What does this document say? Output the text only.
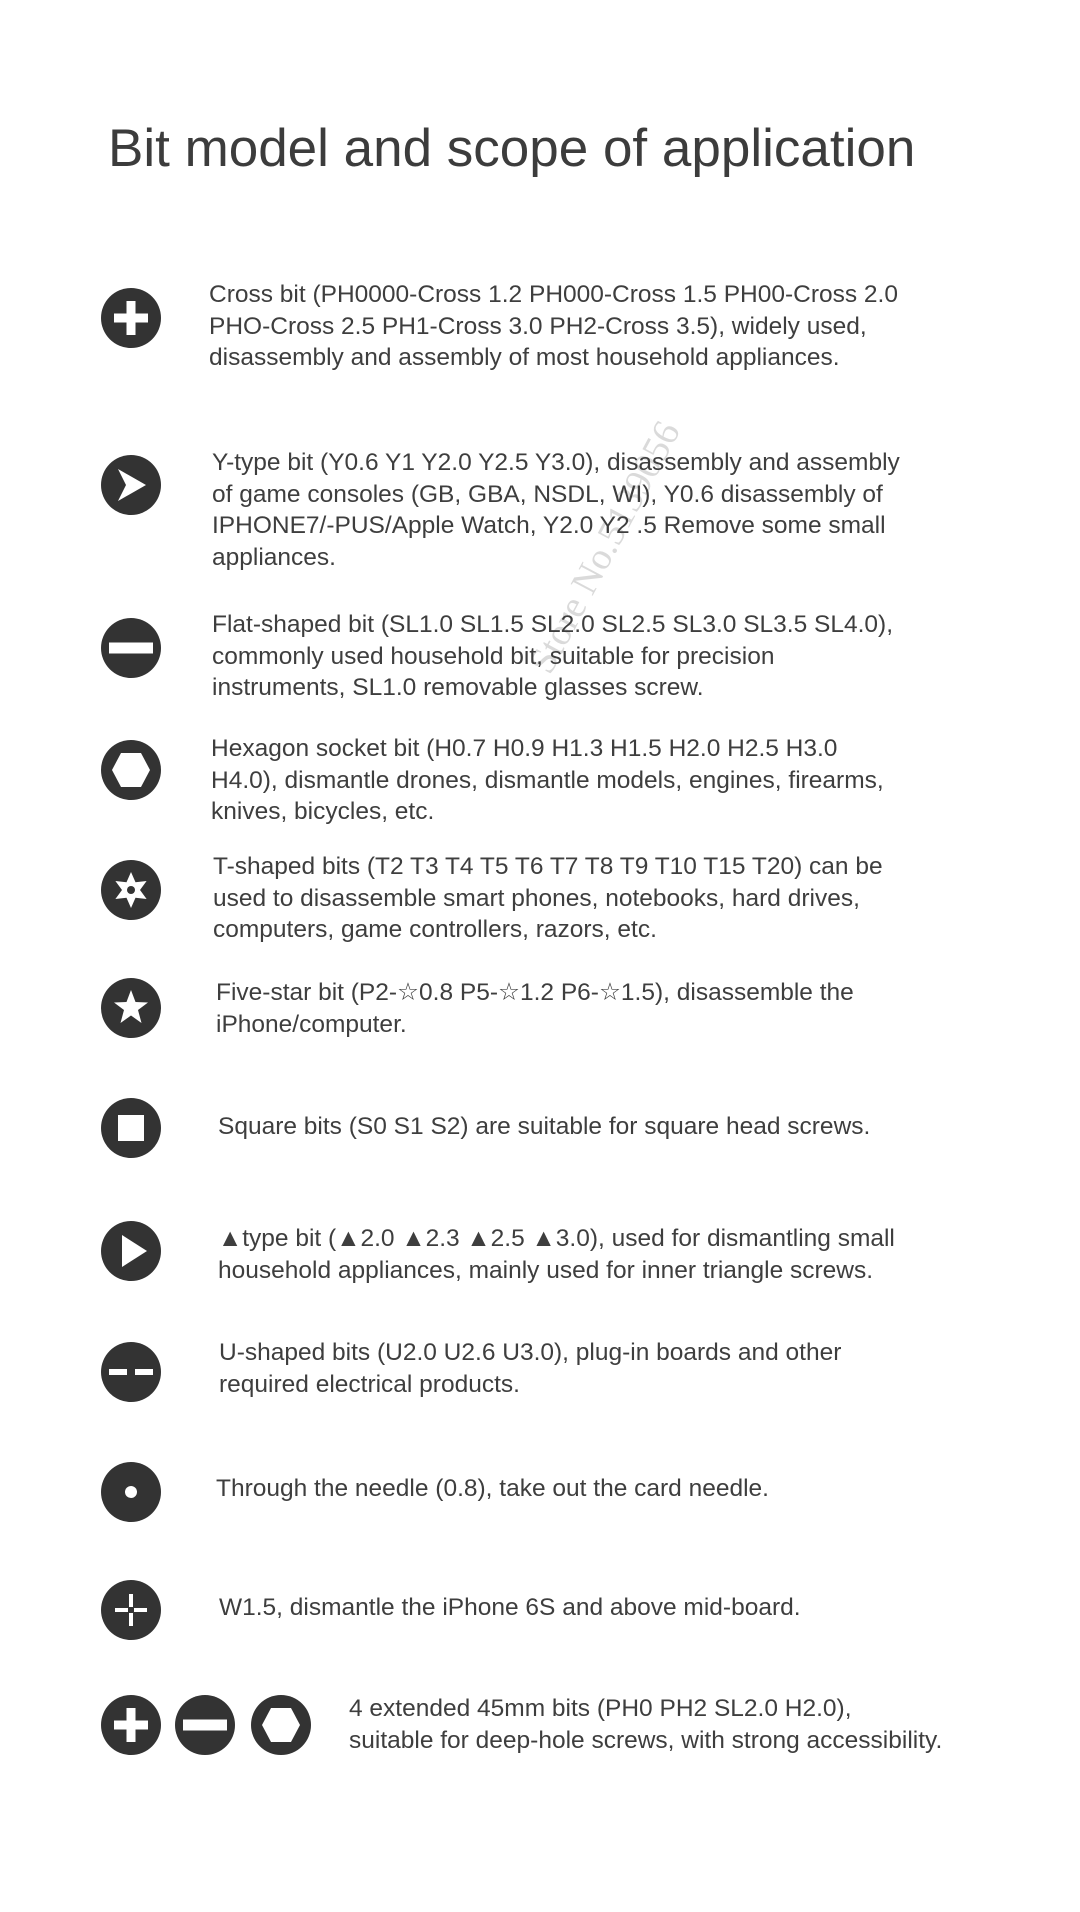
Bit model and scope of application
Store No.5139056

Cross bit (PH0000-Cross 1.2 PH000-Cross 1.5 PH00-Cross 2.0
PHO-Cross 2.5 PH1-Cross 3.0 PH2-Cross 3.5), widely used,
disassembly and assembly of most household appliances.

Y-type bit (Y0.6 Y1 Y2.0 Y2.5 Y3.0), disassembly and assembly
of game consoles (GB, GBA, NSDL, WI), Y0.6 disassembly of
IPHONE7/-PUS/Apple Watch, Y2.0 Y2 .5 Remove some small
appliances.

Flat-shaped bit (SL1.0 SL1.5 SL2.0 SL2.5 SL3.0 SL3.5 SL4.0),
commonly used household bit, suitable for precision
instruments, SL1.0 removable glasses screw.

Hexagon socket bit (H0.7 H0.9 H1.3 H1.5 H2.0 H2.5 H3.0
H4.0), dismantle drones, dismantle models, engines, firearms,
knives, bicycles, etc.

T-shaped bits (T2 T3 T4 T5 T6 T7 T8 T9 T10 T15 T20) can be
used to disassemble smart phones, notebooks, hard drives,
computers, game controllers, razors, etc.

Five-star bit (P2-☆0.8 P5-☆1.2 P6-☆1.5), disassemble the
iPhone/computer.

Square bits (S0 S1 S2) are suitable for square head screws.

▲type bit (▲2.0 ▲2.3 ▲2.5 ▲3.0), used for dismantling small
household appliances, mainly used for inner triangle screws.

U-shaped bits (U2.0 U2.6 U3.0), plug-in boards and other
required electrical products.

Through the needle (0.8), take out the card needle.

W1.5, dismantle the iPhone 6S and above mid-board.

4 extended 45mm bits (PH0 PH2 SL2.0 H2.0),
suitable for deep-hole screws, with strong accessibility.
